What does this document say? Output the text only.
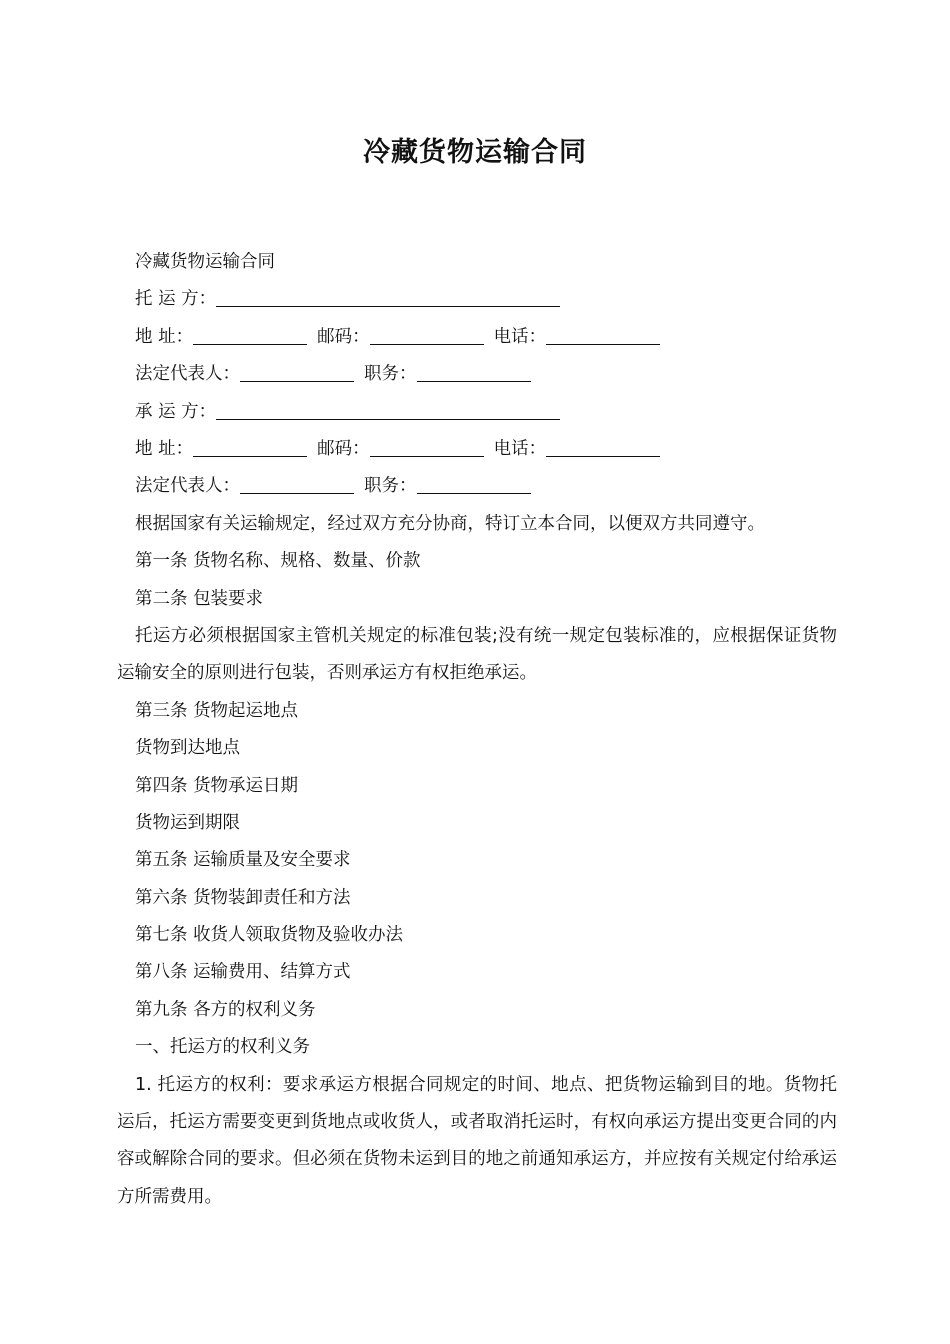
冷藏货物运输合同
冷藏货物运输合同
托 运 方：
地 址：	邮码：	电话：
法定代表人：	职务：
承 运 方：
地 址：	邮码：	电话：
法定代表人：	职务：
根据国家有关运输规定，经过双方充分协商，特订立本合同，以便双方共同遵守。
第一条 货物名称、规格、数量、价款
第二条 包装要求
托运方必须根据国家主管机关规定的标准包装;没有统一规定包装标准的，应根据保证货物运输安全的原则进行包装，否则承运方有权拒绝承运。
第三条 货物起运地点
货物到达地点
第四条 货物承运日期
货物运到期限
第五条 运输质量及安全要求
第六条 货物装卸责任和方法
第七条 收货人领取货物及验收办法
第八条 运输费用、结算方式
第九条 各方的权利义务
一、托运方的权利义务
1. 托运方的权利：要求承运方根据合同规定的时间、地点、把货物运输到目的地。货物托运后，托运方需要变更到货地点或收货人，或者取消托运时，有权向承运方提出变更合同的内容或解除合同的要求。但必须在货物未运到目的地之前通知承运方，并应按有关规定付给承运方所需费用。
